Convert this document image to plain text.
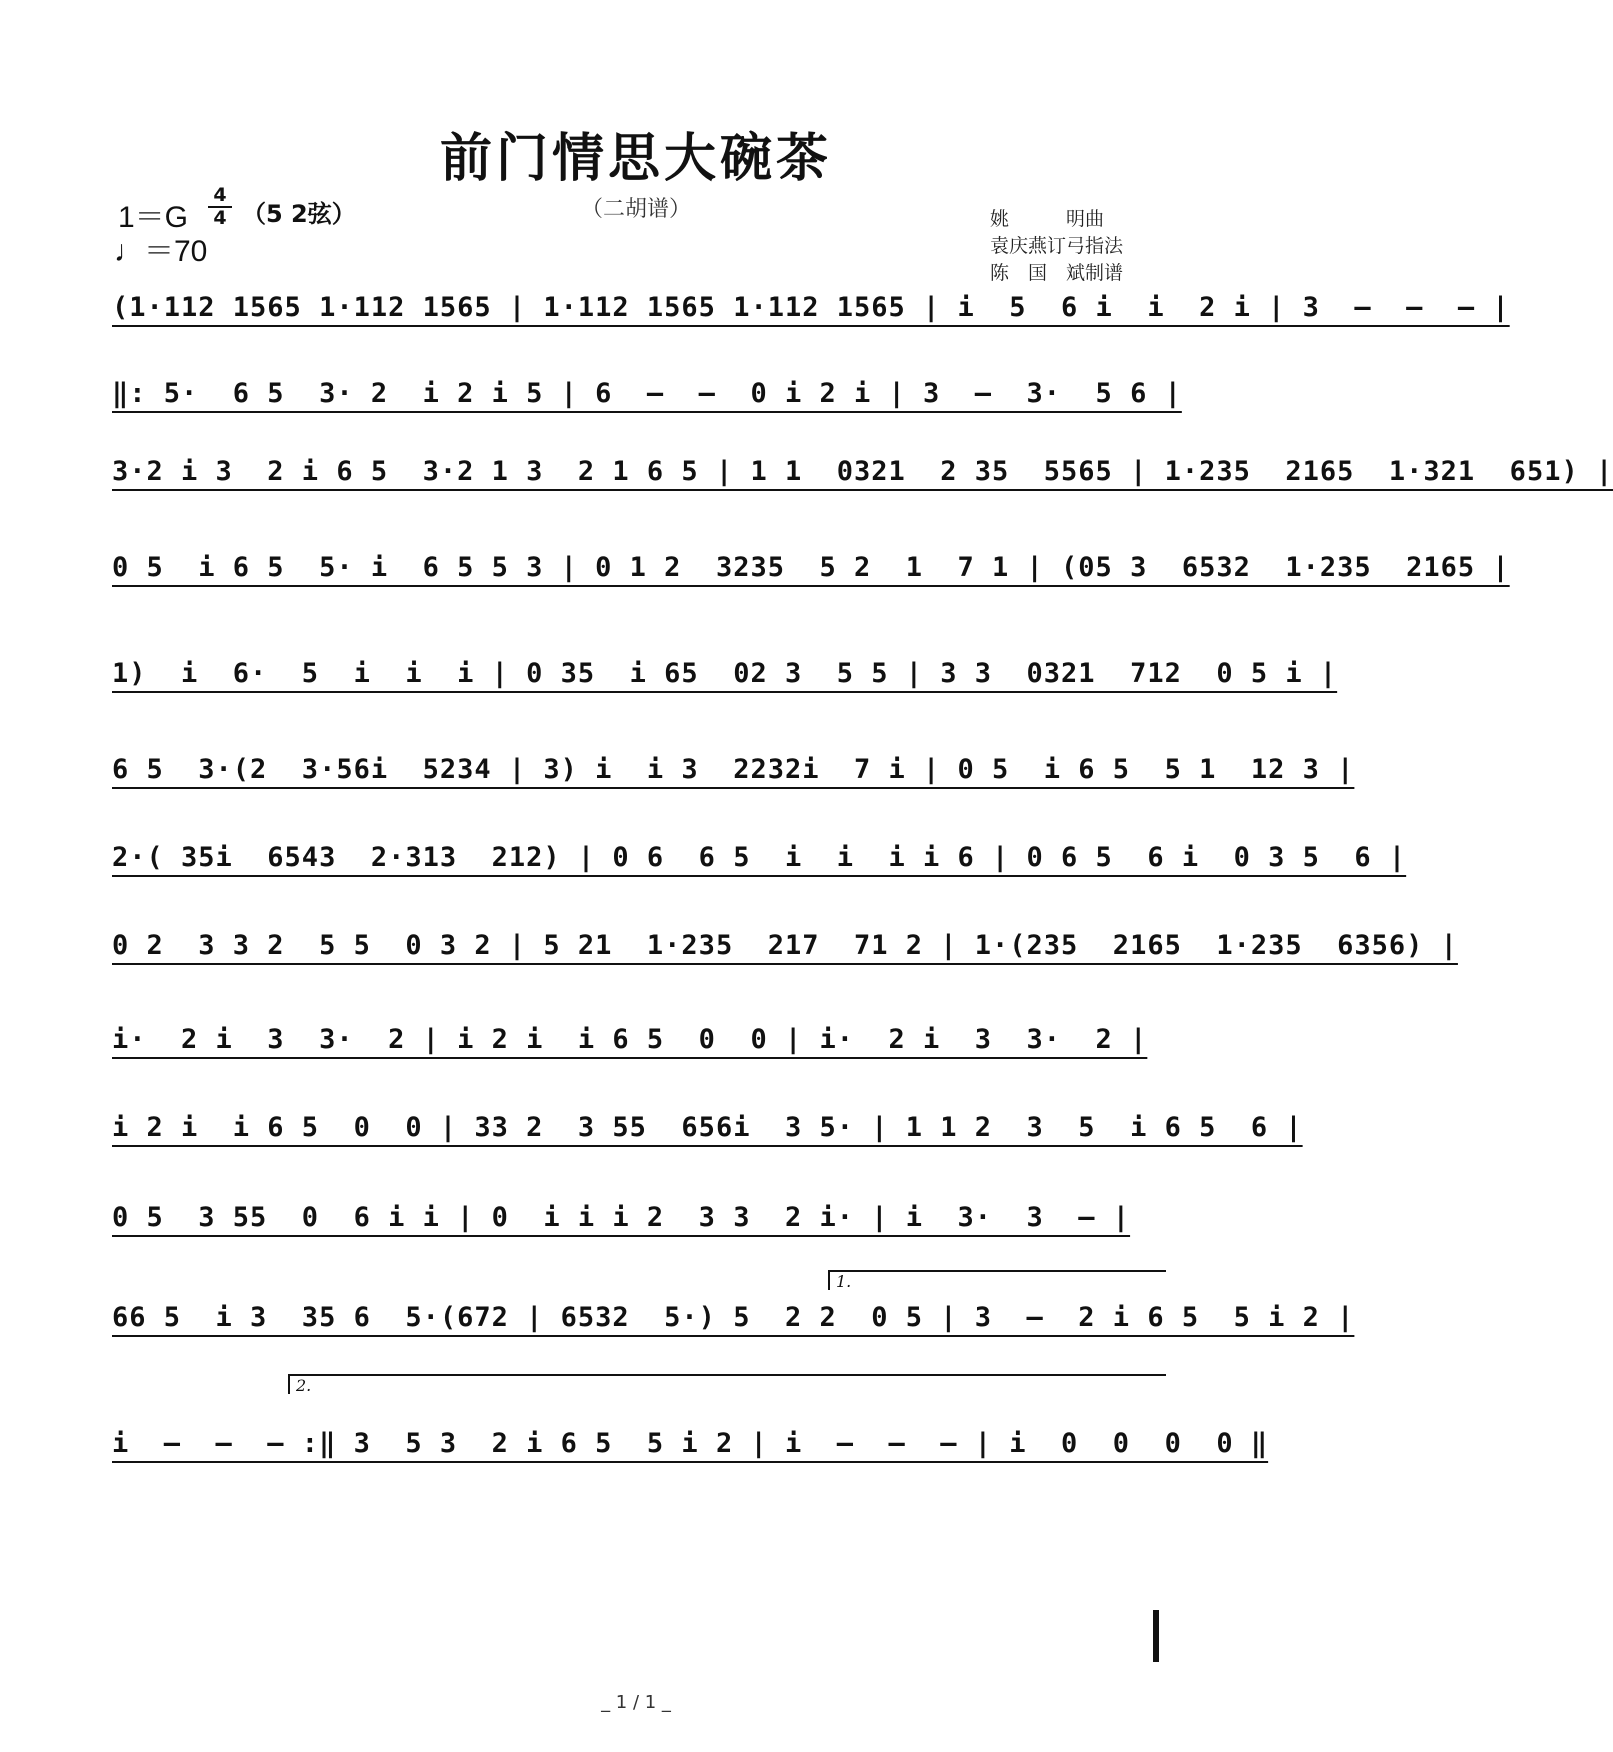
前门情思大碗茶
（二胡谱）
1＝G
4
4 （5 2弦）
♩＝70
姚　　　明曲
袁庆燕订弓指法
陈　国　斌制谱
(1·112 1565 1·112 1565 | 1·112 1565 1·112 1565 | i  5  6 i  i  2 i | 3  –  –  – |
‖: 5·  6 5  3· 2  i 2 i 5 | 6  –  –  0 i 2 i | 3  –  3·  5 6 |
3·2 i 3  2 i 6 5  3·2 1 3  2 1 6 5 | 1 1  0321  2 35  5565 | 1·235  2165  1·321  651) |
0 5  i 6 5  5· i  6 5 5 3 | 0 1 2  3235  5 2  1  7 1 | (05 3  6532  1·235  2165 |
1)  i  6·  5  i  i  i | 0 35  i 65  02 3  5 5 | 3 3  0321  712  0 5 i |
6 5  3·(2  3·56i  5234 | 3) i  i 3  2232i  7 i | 0 5  i 6 5  5 1  12 3 |
2·( 35i  6543  2·313  212) | 0 6  6 5  i  i  i i 6 | 0 6 5  6 i  0 3 5  6 |
0 2  3 3 2  5 5  0 3 2 | 5 21  1·235  217  71 2 | 1·(235  2165  1·235  6356) |
i·  2 i  3  3·  2 | i 2 i  i 6 5  0  0 | i·  2 i  3  3·  2 |
i 2 i  i 6 5  0  0 | 33 2  3 55  656i  3 5· | 1 1 2  3  5  i 6 5  6 |
0 5  3 55  0  6 i i | 0  i i i 2  3 3  2 i· | i  3·  3  – |
66 5  i 3  35 6  5·(672 | 6532  5·) 5  2 2  0 5 | 3  –  2 i 6 5  5 i 2 |
i  –  –  – :‖ 3  5 3  2 i 6 5  5 i 2 | i  –  –  – | i  0  0  0  0 ‖
1.
2.
_ 1 / 1 _
